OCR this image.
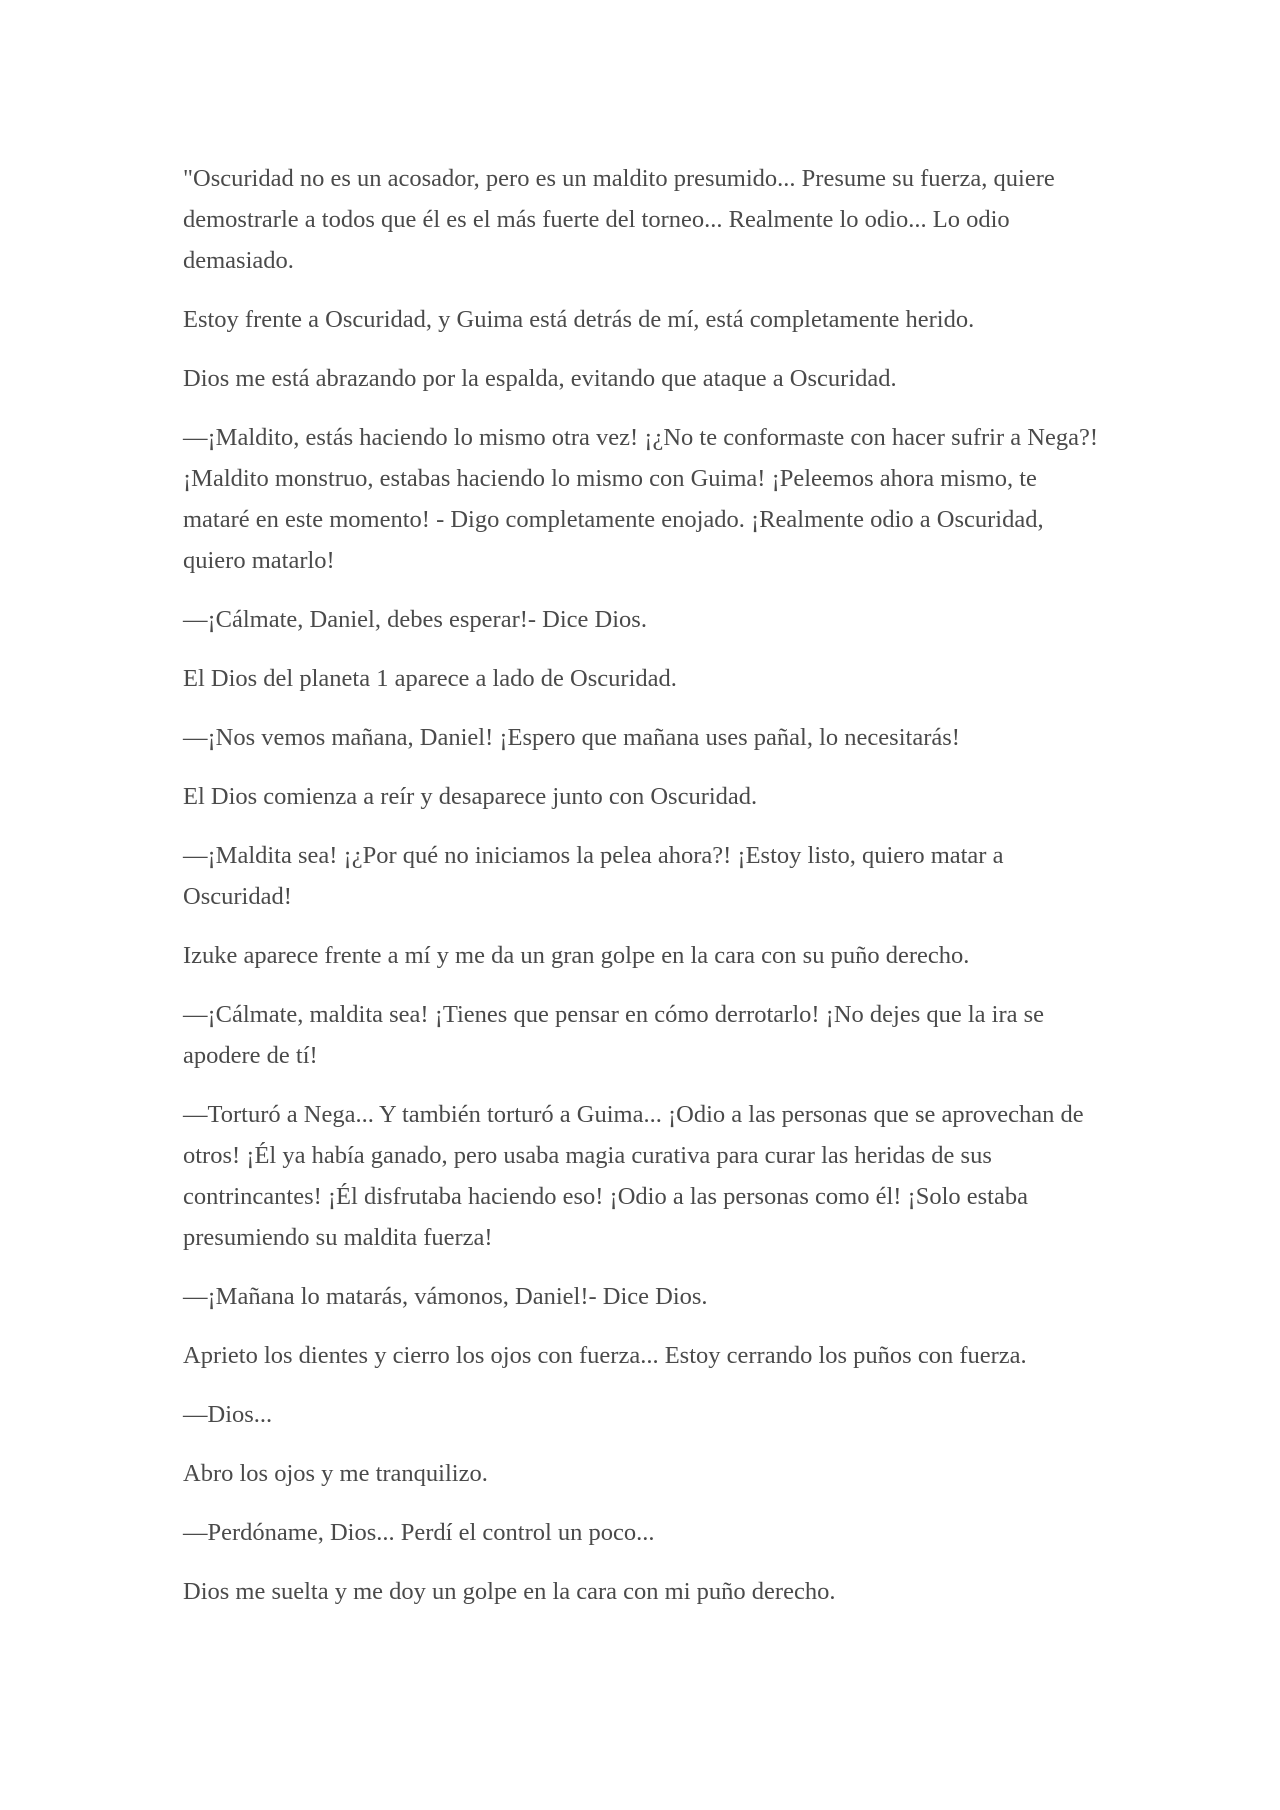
"Oscuridad no es un acosador, pero es un maldito presumido... Presume su fuerza, quiere demostrarle a todos que él es el más fuerte del torneo... Realmente lo odio... Lo odio demasiado.

Estoy frente a Oscuridad, y Guima está detrás de mí, está completamente herido.

Dios me está abrazando por la espalda, evitando que ataque a Oscuridad.

—¡Maldito, estás haciendo lo mismo otra vez! ¡¿No te conformaste con hacer sufrir a Nega?! ¡Maldito monstruo, estabas haciendo lo mismo con Guima! ¡Peleemos ahora mismo, te mataré en este momento! - Digo completamente enojado. ¡Realmente odio a Oscuridad, quiero matarlo!

—¡Cálmate, Daniel, debes esperar!- Dice Dios.

El Dios del planeta 1 aparece a lado de Oscuridad.

—¡Nos vemos mañana, Daniel! ¡Espero que mañana uses pañal, lo necesitarás!

El Dios comienza a reír y desaparece junto con Oscuridad.

—¡Maldita sea! ¡¿Por qué no iniciamos la pelea ahora?! ¡Estoy listo, quiero matar a Oscuridad!

Izuke aparece frente a mí y me da un gran golpe en la cara con su puño derecho.

—¡Cálmate, maldita sea! ¡Tienes que pensar en cómo derrotarlo! ¡No dejes que la ira se apodere de tí!

—Torturó a Nega... Y también torturó a Guima... ¡Odio a las personas que se aprovechan de otros! ¡Él ya había ganado, pero usaba magia curativa para curar las heridas de sus contrincantes! ¡Él disfrutaba haciendo eso! ¡Odio a las personas como él! ¡Solo estaba presumiendo su maldita fuerza!

—¡Mañana lo matarás, vámonos, Daniel!- Dice Dios.

Aprieto los dientes y cierro los ojos con fuerza... Estoy cerrando los puños con fuerza.

—Dios...

Abro los ojos y me tranquilizo.

—Perdóname, Dios... Perdí el control un poco...

Dios me suelta y me doy un golpe en la cara con mi puño derecho.
